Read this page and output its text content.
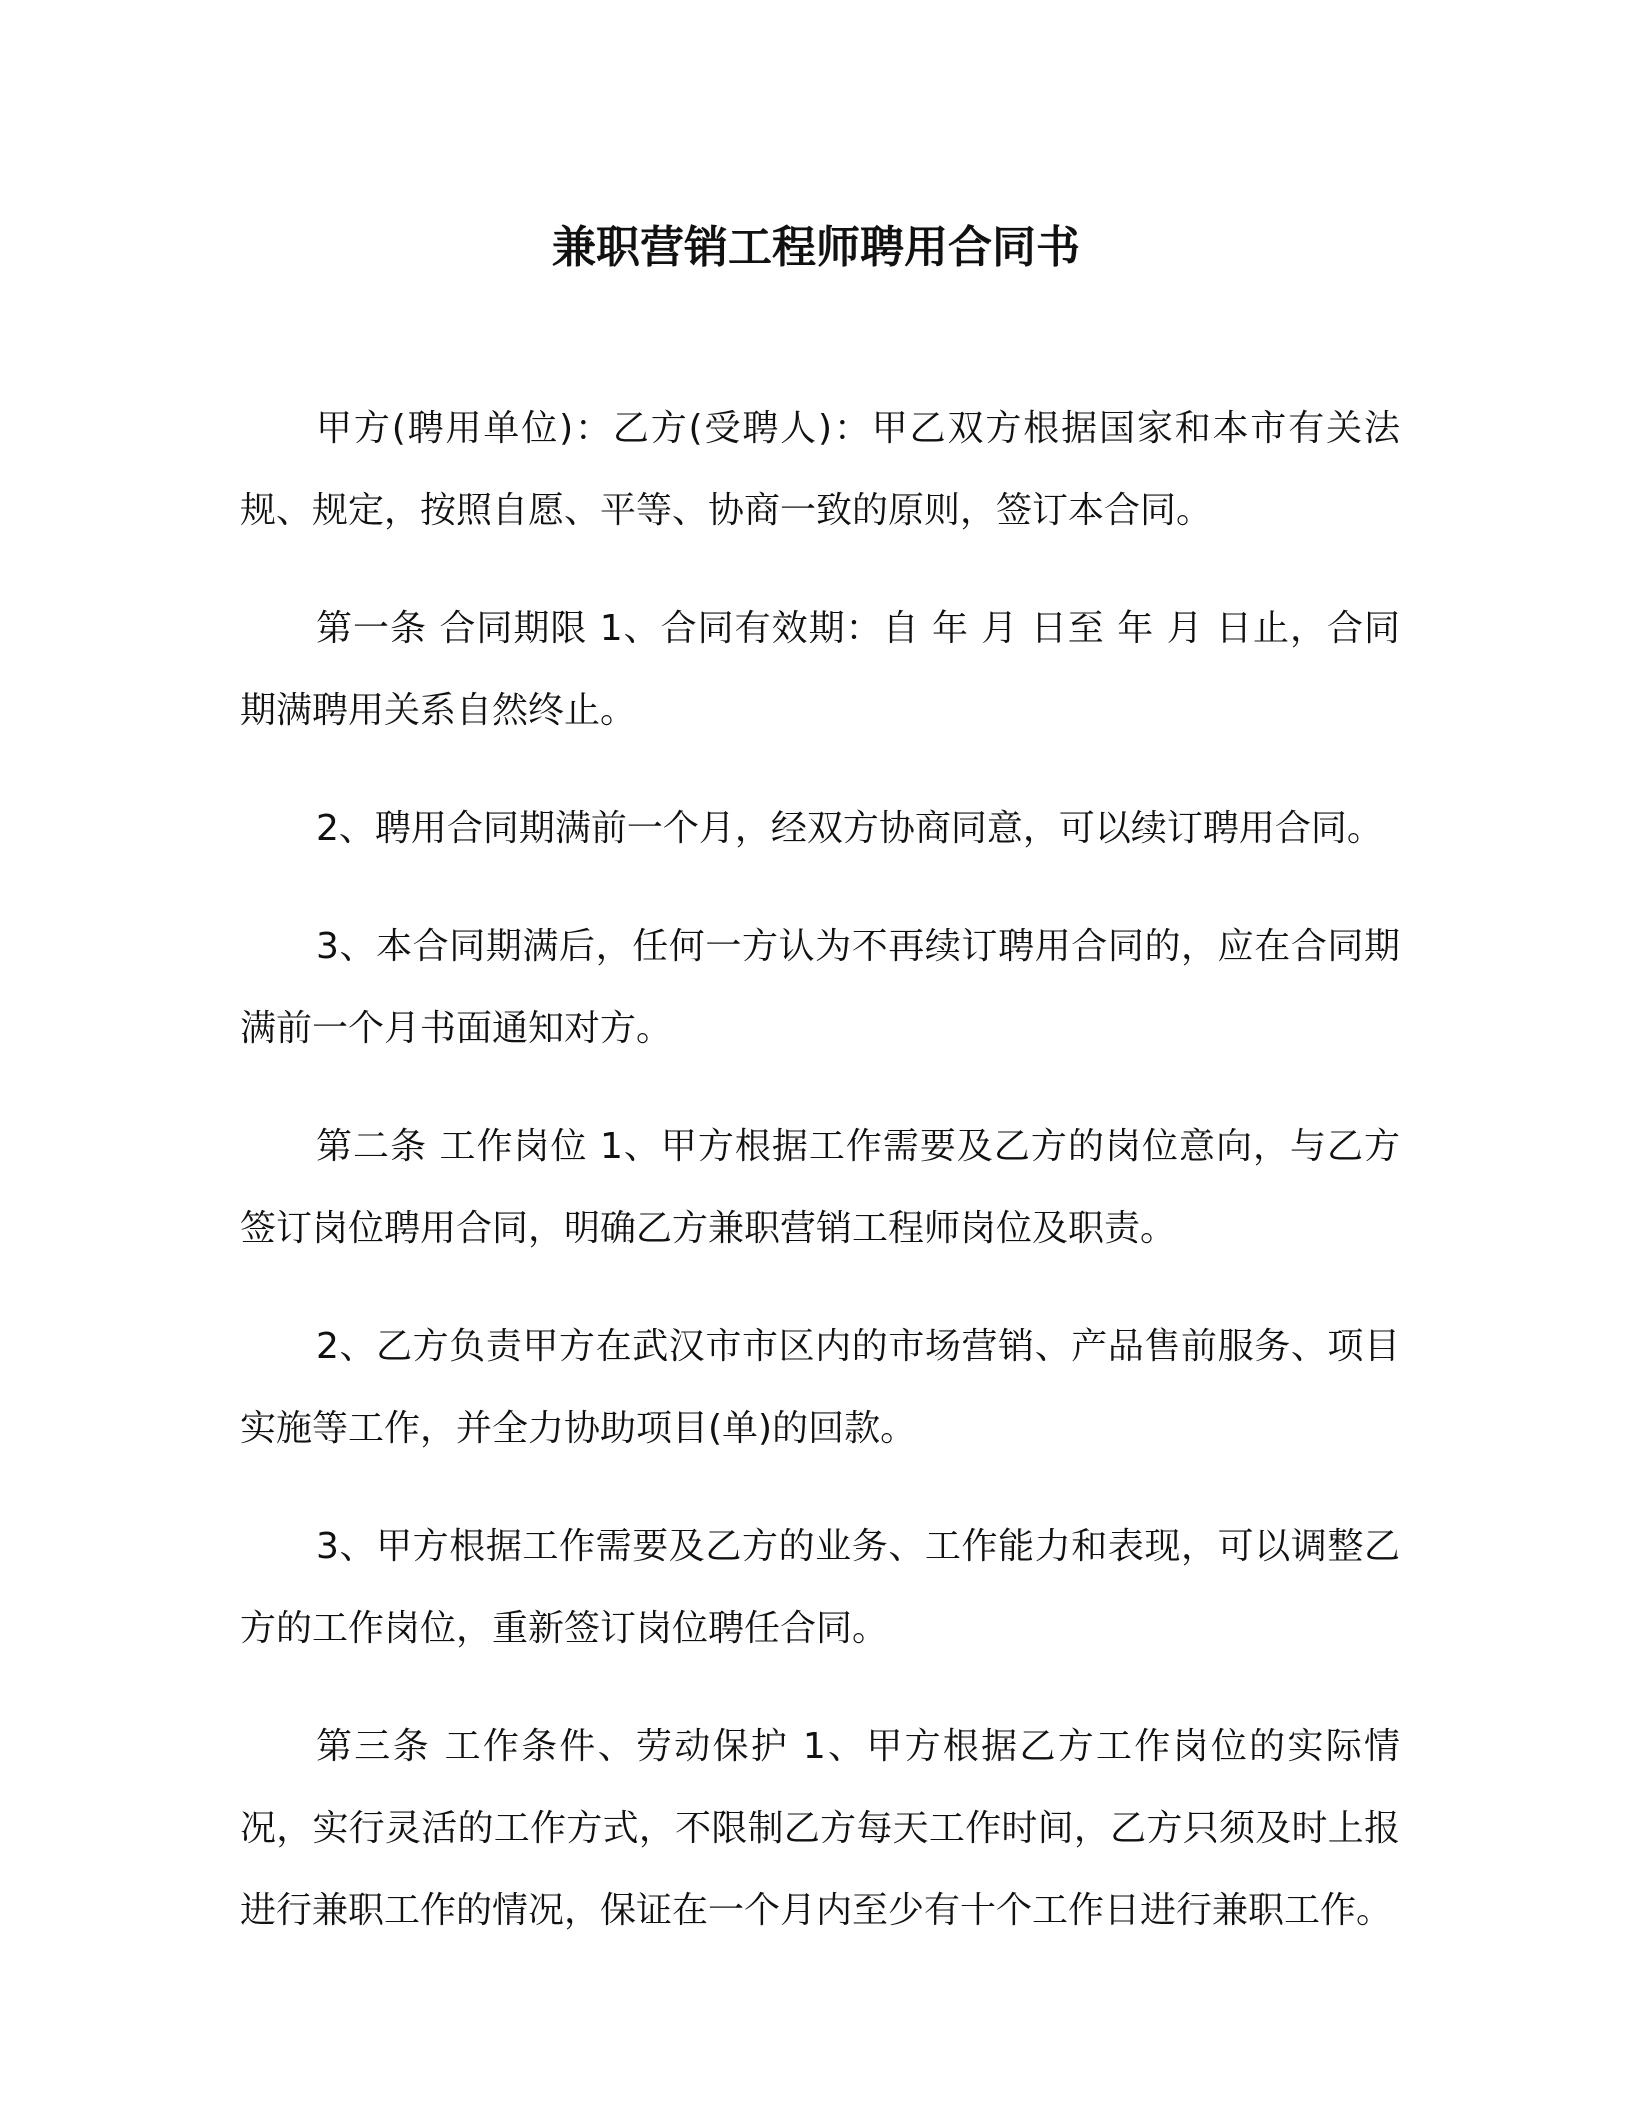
兼职营销工程师聘用合同书

甲方(聘用单位)：乙方(受聘人)：甲乙双方根据国家和本市有关法规、规定，按照自愿、平等、协商一致的原则，签订本合同。

第一条 合同期限 1、合同有效期：自 年 月 日至 年 月 日止，合同期满聘用关系自然终止。

2、聘用合同期满前一个月，经双方协商同意，可以续订聘用合同。

3、本合同期满后，任何一方认为不再续订聘用合同的，应在合同期满前一个月书面通知对方。

第二条 工作岗位 1、甲方根据工作需要及乙方的岗位意向，与乙方签订岗位聘用合同，明确乙方兼职营销工程师岗位及职责。

2、乙方负责甲方在武汉市市区内的市场营销、产品售前服务、项目实施等工作，并全力协助项目(单)的回款。

3、甲方根据工作需要及乙方的业务、工作能力和表现，可以调整乙方的工作岗位，重新签订岗位聘任合同。

第三条 工作条件、劳动保护 1、甲方根据乙方工作岗位的实际情况，实行灵活的工作方式，不限制乙方每天工作时间，乙方只须及时上报进行兼职工作的情况，保证在一个月内至少有十个工作日进行兼职工作。
